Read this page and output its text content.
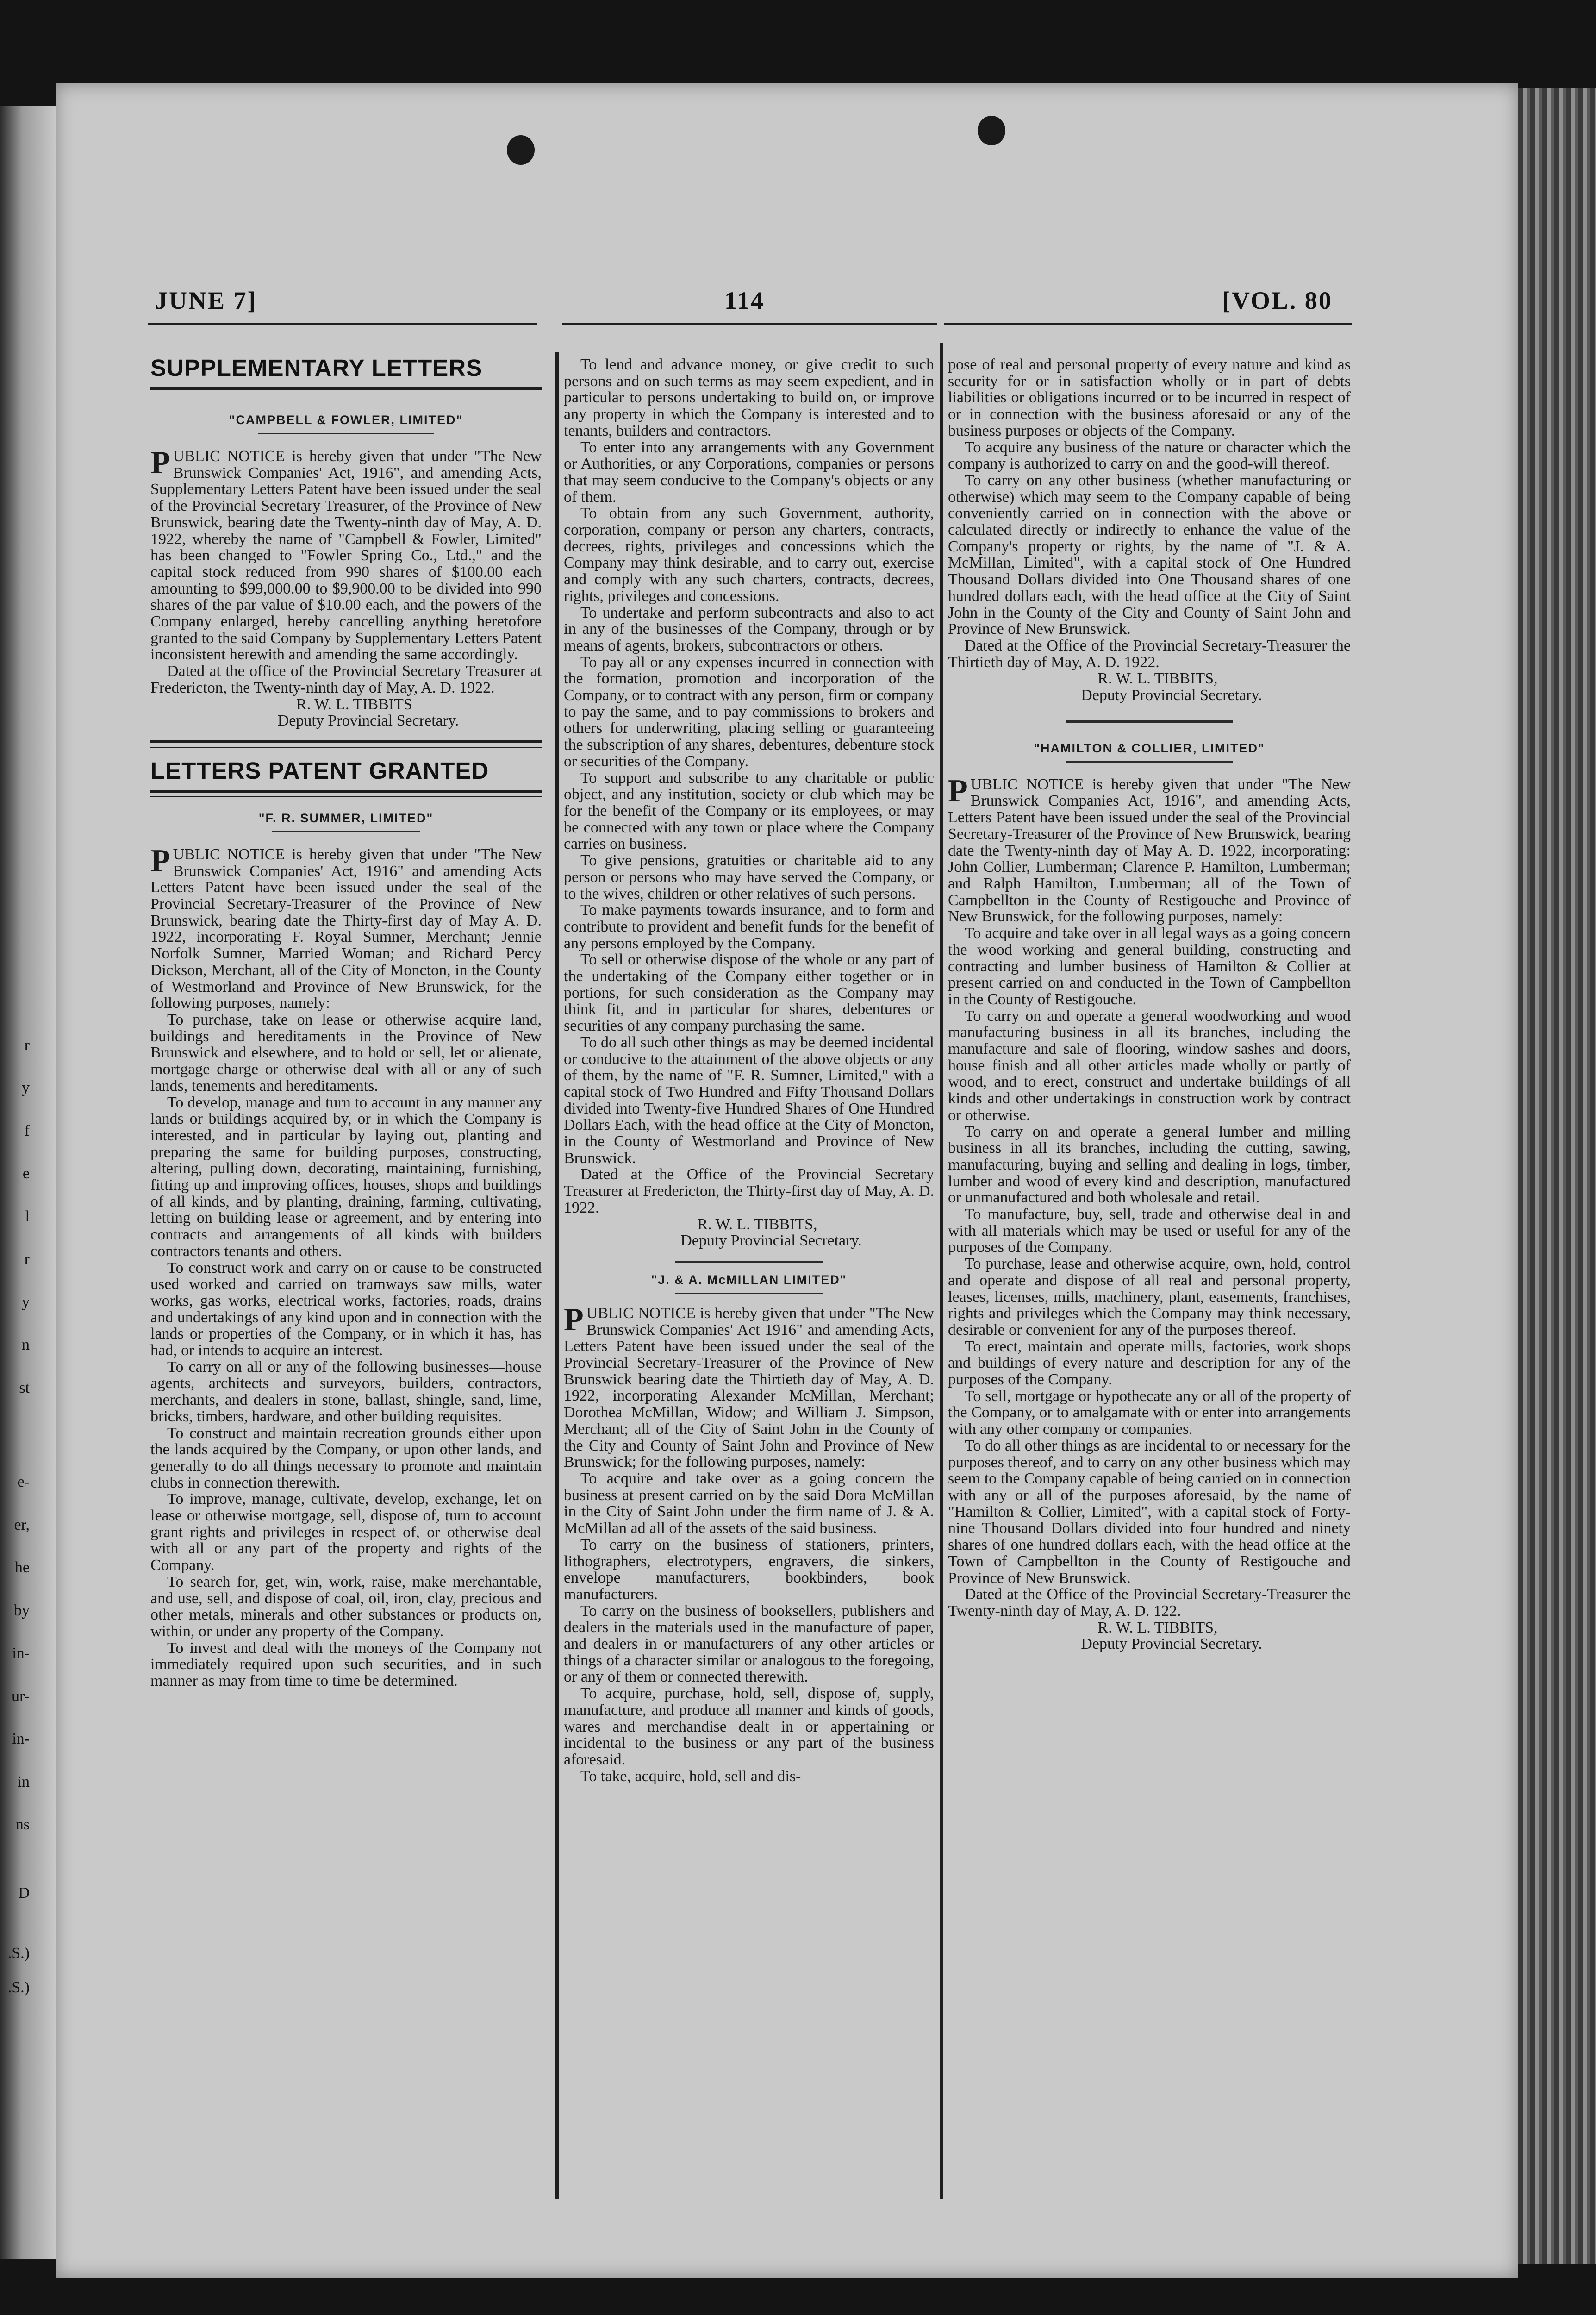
r
y
f
e
l
r
y
n
st
e-
er,
he
by
in-
ur-
in-
in
ns
D
.S.)
.S.)
JUNE 7]	114	[VOL. 80
SUPPLEMENTARY LETTERS
"CAMPBELL & FOWLER, LIMITED"

PUBLIC NOTICE is hereby given that under "The New Brunswick Companies' Act, 1916", and amending Acts, Supplementary Letters Patent have been issued under the seal of the Provincial Secretary Treasurer, of the Province of New Brunswick, bearing date the Twenty-ninth day of May, A. D. 1922, whereby the name of "Campbell & Fowler, Limited" has been changed to "Fowler Spring Co., Ltd.," and the capital stock reduced from 990 shares of $100.00 each amounting to $99,000.00 to $9,900.00 to be divided into 990 shares of the par value of $10.00 each, and the powers of the Company enlarged, hereby cancelling anything heretofore granted to the said Company by Supplementary Letters Patent inconsistent herewith and amending the same accordingly.

Dated at the office of the Provincial Secretary Treasurer at Fredericton, the Twenty-ninth day of May, A. D. 1922.

R. W. L. TIBBITS

Deputy Provincial Secretary.

LETTERS PATENT GRANTED
"F. R. SUMMER, LIMITED"

PUBLIC NOTICE is hereby given that under "The New Brunswick Companies' Act, 1916" and amending Acts Letters Patent have been issued under the seal of the Provincial Secretary-Treasurer of the Province of New Brunswick, bearing date the Thirty-first day of May A. D. 1922, incorporating F. Royal Sumner, Merchant; Jennie Norfolk Sumner, Married Woman; and Richard Percy Dickson, Merchant, all of the City of Moncton, in the County of Westmorland and Province of New Brunswick, for the following purposes, namely:

To purchase, take on lease or otherwise acquire land, buildings and hereditaments in the Province of New Brunswick and elsewhere, and to hold or sell, let or alienate, mortgage charge or otherwise deal with all or any of such lands, tenements and hereditaments.

To develop, manage and turn to account in any manner any lands or buildings acquired by, or in which the Company is interested, and in particular by laying out, planting and preparing the same for building purposes, constructing, altering, pulling down, decorating, maintaining, furnishing, fitting up and improving offices, houses, shops and buildings of all kinds, and by planting, draining, farming, cultivating, letting on building lease or agreement, and by entering into contracts and arrangements of all kinds with builders contractors tenants and others.

To construct work and carry on or cause to be constructed used worked and carried on tramways saw mills, water works, gas works, electrical works, factories, roads, drains and undertakings of any kind upon and in connection with the lands or properties of the Company, or in which it has, has had, or intends to acquire an interest.

To carry on all or any of the following businesses—house agents, architects and surveyors, builders, contractors, merchants, and dealers in stone, ballast, shingle, sand, lime, bricks, timbers, hardware, and other building requisites.

To construct and maintain recreation grounds either upon the lands acquired by the Company, or upon other lands, and generally to do all things necessary to promote and maintain clubs in connection therewith.

To improve, manage, cultivate, develop, exchange, let on lease or otherwise mortgage, sell, dispose of, turn to account grant rights and privileges in respect of, or otherwise deal with all or any part of the property and rights of the Company.

To search for, get, win, work, raise, make merchantable, and use, sell, and dispose of coal, oil, iron, clay, precious and other metals, minerals and other substances or products on, within, or under any property of the Company.

To invest and deal with the moneys of the Company not immediately required upon such securities, and in such manner as may from time to time be determined.

To lend and advance money, or give credit to such persons and on such terms as may seem expedient, and in particular to persons undertaking to build on, or improve any property in which the Company is interested and to tenants, builders and contractors.

To enter into any arrangements with any Government or Authorities, or any Corporations, companies or persons that may seem conducive to the Company's objects or any of them.

To obtain from any such Government, authority, corporation, company or person any charters, contracts, decrees, rights, privileges and concessions which the Company may think desirable, and to carry out, exercise and comply with any such charters, contracts, decrees, rights, privileges and concessions.

To undertake and perform subcontracts and also to act in any of the businesses of the Company, through or by means of agents, brokers, subcontractors or others.

To pay all or any expenses incurred in connection with the formation, promotion and incorporation of the Company, or to contract with any person, firm or company to pay the same, and to pay commissions to brokers and others for underwriting, placing selling or guaranteeing the subscription of any shares, debentures, debenture stock or securities of the Company.

To support and subscribe to any charitable or public object, and any institution, society or club which may be for the benefit of the Company or its employees, or may be connected with any town or place where the Company carries on business.

To give pensions, gratuities or charitable aid to any person or persons who may have served the Company, or to the wives, children or other relatives of such persons.

To make payments towards insurance, and to form and contribute to provident and benefit funds for the benefit of any persons employed by the Company.

To sell or otherwise dispose of the whole or any part of the undertaking of the Company either together or in portions, for such consideration as the Company may think fit, and in particular for shares, debentures or securities of any company purchasing the same.

To do all such other things as may be deemed incidental or conducive to the attainment of the above objects or any of them, by the name of "F. R. Sumner, Limited," with a capital stock of Two Hundred and Fifty Thousand Dollars divided into Twenty-five Hundred Shares of One Hundred Dollars Each, with the head office at the City of Moncton, in the County of Westmorland and Province of New Brunswick.

Dated at the Office of the Provincial Secretary Treasurer at Fredericton, the Thirty-first day of May, A. D. 1922.

R. W. L. TIBBITS,

Deputy Provincial Secretary.

"J. & A. McMILLAN LIMITED"

PUBLIC NOTICE is hereby given that under "The New Brunswick Companies' Act 1916" and amending Acts, Letters Patent have been issued under the seal of the Provincial Secretary-Treasurer of the Province of New Brunswick bearing date the Thirtieth day of May, A. D. 1922, incorporating Alexander McMillan, Merchant; Dorothea McMillan, Widow; and William J. Simpson, Merchant; all of the City of Saint John in the County of the City and County of Saint John and Province of New Brunswick; for the following purposes, namely:

To acquire and take over as a going concern the business at present carried on by the said Dora McMillan in the City of Saint John under the firm name of J. & A. McMillan ad all of the assets of the said business.

To carry on the business of stationers, printers, lithographers, electrotypers, engravers, die sinkers, envelope manufacturers, bookbinders, book manufacturers.

To carry on the business of booksellers, publishers and dealers in the materials used in the manufacture of paper, and dealers in or manufacturers of any other articles or things of a character similar or analogous to the foregoing, or any of them or connected therewith.

To acquire, purchase, hold, sell, dispose of, supply, manufacture, and produce all manner and kinds of goods, wares and merchandise dealt in or appertaining or incidental to the business or any part of the business aforesaid.

To take, acquire, hold, sell and dis-

pose of real and personal property of every nature and kind as security for or in satisfaction wholly or in part of debts liabilities or obligations incurred or to be incurred in respect of or in connection with the business aforesaid or any of the business purposes or objects of the Company.

To acquire any business of the nature or character which the company is authorized to carry on and the good-will thereof.

To carry on any other business (whether manufacturing or otherwise) which may seem to the Company capable of being conveniently carried on in connection with the above or calculated directly or indirectly to enhance the value of the Company's property or rights, by the name of "J. & A. McMillan, Limited", with a capital stock of One Hundred Thousand Dollars divided into One Thousand shares of one hundred dollars each, with the head office at the City of Saint John in the County of the City and County of Saint John and Province of New Brunswick.

Dated at the Office of the Provincial Secretary-Treasurer the Thirtieth day of May, A. D. 1922.

R. W. L. TIBBITS,

Deputy Provincial Secretary.

"HAMILTON & COLLIER, LIMITED"

PUBLIC NOTICE is hereby given that under "The New Brunswick Companies Act, 1916", and amending Acts, Letters Patent have been issued under the seal of the Provincial Secretary-Treasurer of the Province of New Brunswick, bearing date the Twenty-ninth day of May A. D. 1922, incorporating: John Collier, Lumberman; Clarence P. Hamilton, Lumberman; and Ralph Hamilton, Lumberman; all of the Town of Campbellton in the County of Restigouche and Province of New Brunswick, for the following purposes, namely:

To acquire and take over in all legal ways as a going concern the wood working and general building, constructing and contracting and lumber business of Hamilton & Collier at present carried on and conducted in the Town of Campbellton in the County of Restigouche.

To carry on and operate a general woodworking and wood manufacturing business in all its branches, including the manufacture and sale of flooring, window sashes and doors, house finish and all other articles made wholly or partly of wood, and to erect, construct and undertake buildings of all kinds and other undertakings in construction work by contract or otherwise.

To carry on and operate a general lumber and milling business in all its branches, including the cutting, sawing, manufacturing, buying and selling and dealing in logs, timber, lumber and wood of every kind and description, manufactured or unmanufactured and both wholesale and retail.

To manufacture, buy, sell, trade and otherwise deal in and with all materials which may be used or useful for any of the purposes of the Company.

To purchase, lease and otherwise acquire, own, hold, control and operate and dispose of all real and personal property, leases, licenses, mills, machinery, plant, easements, franchises, rights and privileges which the Company may think necessary, desirable or convenient for any of the purposes thereof.

To erect, maintain and operate mills, factories, work shops and buildings of every nature and description for any of the purposes of the Company.

To sell, mortgage or hypothecate any or all of the property of the Company, or to amalgamate with or enter into arrangements with any other company or companies.

To do all other things as are incidental to or necessary for the purposes thereof, and to carry on any other business which may seem to the Company capable of being carried on in connection with any or all of the purposes aforesaid, by the name of "Hamilton & Collier, Limited", with a capital stock of Forty-nine Thousand Dollars divided into four hundred and ninety shares of one hundred dollars each, with the head office at the Town of Campbellton in the County of Restigouche and Province of New Brunswick.

Dated at the Office of the Provincial Secretary-Treasurer the Twenty-ninth day of May, A. D. 122.

R. W. L. TIBBITS,

Deputy Provincial Secretary.
